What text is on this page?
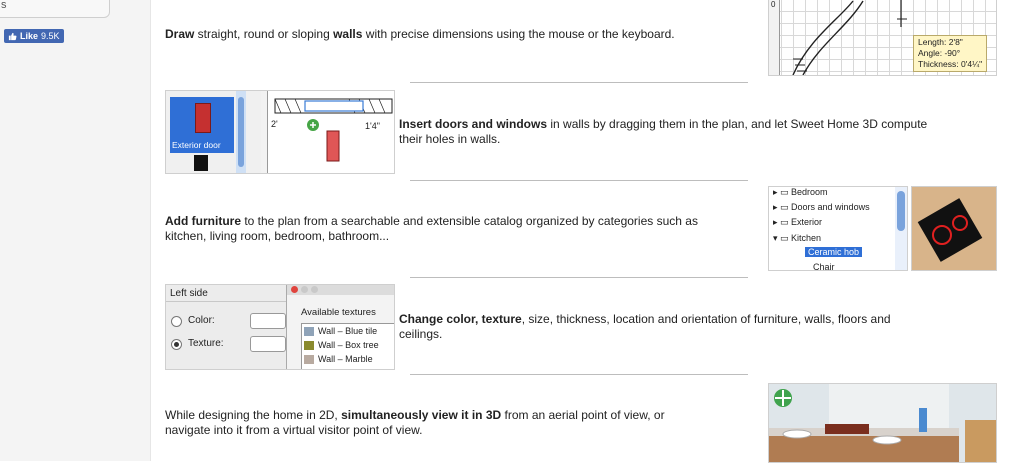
s
Like 9.5K	Draw straight, round or sloping walls with precise dimensions using the mouse or the keyboard.
0
Length: 2'8"
Angle: -90°
Thickness: 0'4¼"
Exterior door
2'	1'4" Insert doors and windows in walls by dragging them in the plan, and let Sweet Home 3D compute
their holes in walls.
Add furniture to the plan from a searchable and extensible catalog organized by categories such as
kitchen, living room, bedroom, bathroom...
▸ ▭ Bedroom
▸ ▭ Doors and windows
▸ ▭ Exterior
▾ ▭ Kitchen
Ceramic hob
Chair
Left side
Color:
Texture:
Available textures
Wall – Blue tile
Wall – Box tree
Wall – Marble
Change color, texture, size, thickness, location and orientation of furniture, walls, floors and
ceilings.
While designing the home in 2D, simultaneously view it in 3D from an aerial point of view, or
navigate into it from a virtual visitor point of view.
